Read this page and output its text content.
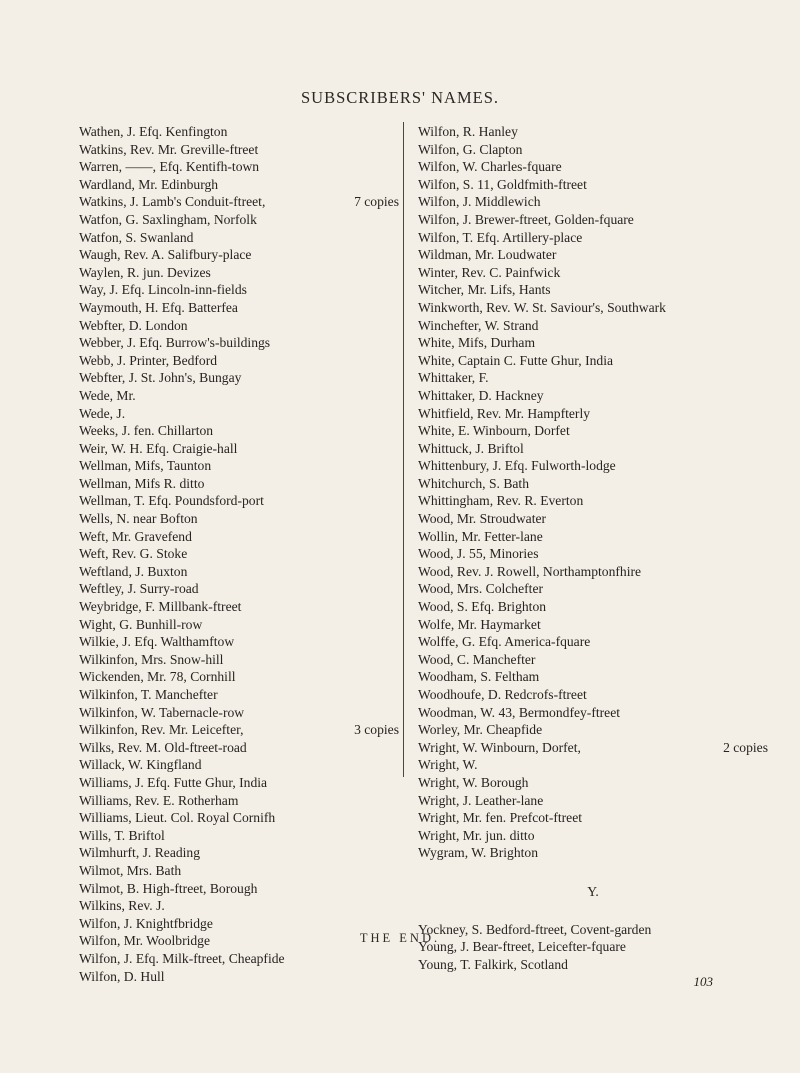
SUBSCRIBERS' NAMES.
Wathen, J. Efq. Kenfington
Watkins, Rev. Mr. Greville-ftreet
Warren, ——, Efq. Kentifh-town
Wardland, Mr. Edinburgh
Watkins, J. Lamb's Conduit-ftreet,	7 copies
Watfon, G. Saxlingham, Norfolk
Watfon, S. Swanland
Waugh, Rev. A. Salifbury-place
Waylen, R. jun. Devizes
Way, J. Efq. Lincoln-inn-fields
Waymouth, H. Efq. Batterfea
Webfter, D. London
Webber, J. Efq. Burrow's-buildings
Webb, J. Printer, Bedford
Webfter, J. St. John's, Bungay
Wede, Mr.
Wede, J.
Weeks, J. fen. Chillarton
Weir, W. H. Efq. Craigie-hall
Wellman, Mifs, Taunton
Wellman, Mifs R. ditto
Wellman, T. Efq. Poundsford-port
Wells, N. near Bofton
Weft, Mr. Gravefend
Weft, Rev. G. Stoke
Weftland, J. Buxton
Weftley, J. Surry-road
Weybridge, F. Millbank-ftreet
Wight, G. Bunhill-row
Wilkie, J. Efq. Walthamftow
Wilkinfon, Mrs. Snow-hill
Wickenden, Mr. 78, Cornhill
Wilkinfon, T. Manchefter
Wilkinfon, W. Tabernacle-row
Wilkinfon, Rev. Mr. Leicefter,	3 copies
Wilks, Rev. M. Old-ftreet-road
Willack, W. Kingfland
Williams, J. Efq. Futte Ghur, India
Williams, Rev. E. Rotherham
Williams, Lieut. Col. Royal Cornifh
Wills, T. Briftol
Wilmhurft, J. Reading
Wilmot, Mrs. Bath
Wilmot, B. High-ftreet, Borough
Wilkins, Rev. J.
Wilfon, J. Knightfbridge
Wilfon, Mr. Woolbridge
Wilfon, J. Efq. Milk-ftreet, Cheapfide
Wilfon, D. Hull
Wilfon, R. Hanley
Wilfon, G. Clapton
Wilfon, W. Charles-fquare
Wilfon, S. 11, Goldfmith-ftreet
Wilfon, J. Middlewich
Wilfon, J. Brewer-ftreet, Golden-fquare
Wilfon, T. Efq. Artillery-place
Wildman, Mr. Loudwater
Winter, Rev. C. Painfwick
Witcher, Mr. Lifs, Hants
Winkworth, Rev. W. St. Saviour's, Southwark
Winchefter, W. Strand
White, Mifs, Durham
White, Captain C. Futte Ghur, India
Whittaker, F.
Whittaker, D. Hackney
Whitfield, Rev. Mr. Hampfterly
White, E. Winbourn, Dorfet
Whittuck, J. Briftol
Whittenbury, J. Efq. Fulworth-lodge
Whitchurch, S. Bath
Whittingham, Rev. R. Everton
Wood, Mr. Stroudwater
Wollin, Mr. Fetter-lane
Wood, J. 55, Minories
Wood, Rev. J. Rowell, Northamptonfhire
Wood, Mrs. Colchefter
Wood, S. Efq. Brighton
Wolfe, Mr. Haymarket
Wolffe, G. Efq. America-fquare
Wood, C. Manchefter
Woodham, S. Feltham
Woodhoufe, D. Redcrofs-ftreet
Woodman, W. 43, Bermondfey-ftreet
Worley, Mr. Cheapfide
Wright, W. Winbourn, Dorfet,	2 copies
Wright, W.
Wright, W. Borough
Wright, J. Leather-lane
Wright, Mr. fen. Prefcot-ftreet
Wright, Mr. jun. ditto
Wygram, W. Brighton
Y.
Yockney, S. Bedford-ftreet, Covent-garden
Young, J. Bear-ftreet, Leicefter-fquare
Young, T. Falkirk, Scotland
103
THE END.
